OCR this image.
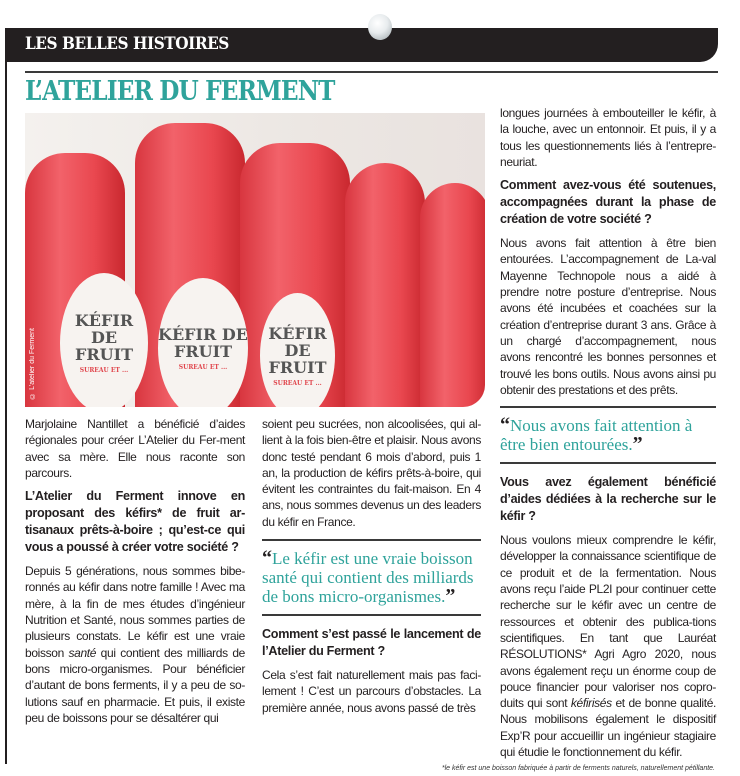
LES BELLES HISTOIRES
L’ATELIER DU FERMENT
KÉFIR DE FRUIT
SUREAU ET ...
KÉFIR DE FRUIT
SUREAU ET ...
KÉFIR DE FRUIT
SUREAU ET ...
© L’atelier du Ferment

Marjolaine Nantillet a bénéficié d’aides régionales pour créer L’Atelier du Fer-ment avec sa mère. Elle nous raconte son parcours.

L’Atelier du Ferment innove en proposant des kéfirs* de fruit ar-tisanaux prêts-à-boire ; qu’est-ce qui vous a poussé à créer votre société ?

Depuis 5 générations, nous sommes bibe-ronnés au kéfir dans notre famille ! Avec ma mère, à la fin de mes études d’ingénieur Nutrition et Santé, nous sommes parties de plusieurs constats. Le kéfir est une vraie boisson santé qui contient des milliards de bons micro-organismes. Pour bénéficier d’autant de bons ferments, il y a peu de so-lutions sauf en pharmacie. Et puis, il existe peu de boissons pour se désaltérer qui

soient peu sucrées, non alcoolisées, qui al-lient à la fois bien-être et plaisir. Nous avons donc testé pendant 6 mois d’abord, puis 1 an, la production de kéfirs prêts-à-boire, qui évitent les contraintes du fait-maison. En 4 ans, nous sommes devenus un des leaders du kéfir en France.

“Le kéfir est une vraie boisson santé qui contient des milliards de bons micro-organismes.”
Comment s’est passé le lancement de l’Atelier du Ferment ?

Cela s’est fait naturellement mais pas faci-lement ! C’est un parcours d’obstacles. La première année, nous avons passé de très

longues journées à embouteiller le kéfir, à la louche, avec un entonnoir. Et puis, il y a tous les questionnements liés à l’entrepre-neuriat.

Comment avez-vous été soutenues, accompagnées durant la phase de création de votre société ?

Nous avons fait attention à être bien entourées. L’accompagnement de La-val Mayenne Technopole nous a aidé à prendre notre posture d’entreprise. Nous avons été incubées et coachées sur la création d’entreprise durant 3 ans. Grâce à un chargé d’accompagnement, nous avons rencontré les bonnes personnes et trouvé les bons outils. Nous avons ainsi pu obtenir des prestations et des prêts.

“Nous avons fait attention à être bien entourées.”
Vous avez également bénéficié d’aides dédiées à la recherche sur le kéfir ?

Nous voulons mieux comprendre le kéfir, développer la connaissance scientifique de ce produit et de la fermentation. Nous avons reçu l’aide PL2I pour continuer cette recherche sur le kéfir avec un centre de ressources et obtenir des publica-tions scientifiques. En tant que Lauréat RÉSOLUTIONS* Agri Agro 2020, nous avons également reçu un énorme coup de pouce financier pour valoriser nos copro-duits qui sont kéfirisés et de bonne qualité. Nous mobilisons également le dispositif Exp’R pour accueillir un ingénieur stagiaire qui étudie le fonctionnement du kéfir.

*le kéfir est une boisson fabriquée à partir de ferments naturels, naturellement pétillante.
